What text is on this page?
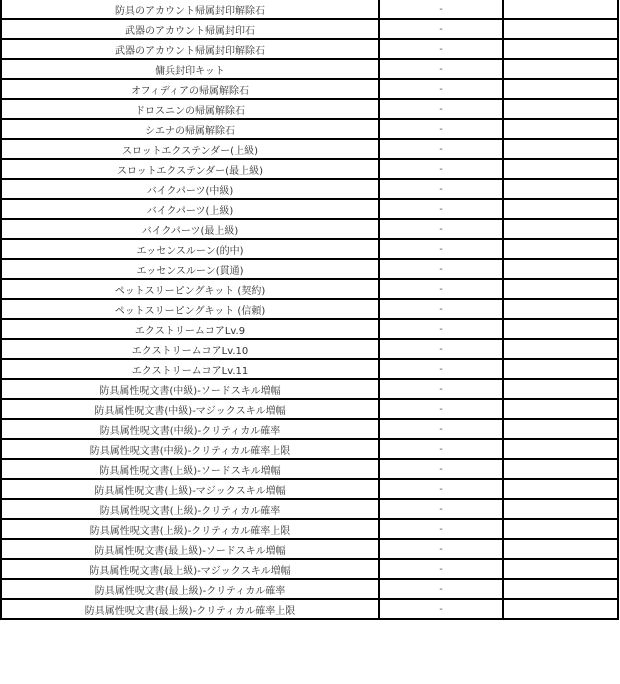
防具のアカウント帰属封印解除石	-	
武器のアカウント帰属封印石	-	
武器のアカウント帰属封印解除石	-	
傭兵封印キット	-	
オフィディアの帰属解除石	-	
ドロスニンの帰属解除石	-	
シエナの帰属解除石	-	
スロットエクステンダー(上級)	-	
スロットエクステンダー(最上級)	-	
バイクパーツ(中級)	-	
バイクパーツ(上級)	-	
バイクパーツ(最上級)	-	
エッセンスルーン(的中)	-	
エッセンスルーン(貫通)	-	
ペットスリーピングキット (契約)	-	
ペットスリーピングキット (信頼)	-	
エクストリームコアLv.9	-	
エクストリームコアLv.10	-	
エクストリームコアLv.11	-	
防具属性呪文書(中級)-ソードスキル増幅	-	
防具属性呪文書(中級)-マジックスキル増幅	-	
防具属性呪文書(中級)-クリティカル確率	-	
防具属性呪文書(中級)-クリティカル確率上限	-	
防具属性呪文書(上級)-ソードスキル増幅	-	
防具属性呪文書(上級)-マジックスキル増幅	-	
防具属性呪文書(上級)-クリティカル確率	-	
防具属性呪文書(上級)-クリティカル確率上限	-	
防具属性呪文書(最上級)-ソードスキル増幅	-	
防具属性呪文書(最上級)-マジックスキル増幅	-	
防具属性呪文書(最上級)-クリティカル確率	-	
防具属性呪文書(最上級)-クリティカル確率上限	-	
